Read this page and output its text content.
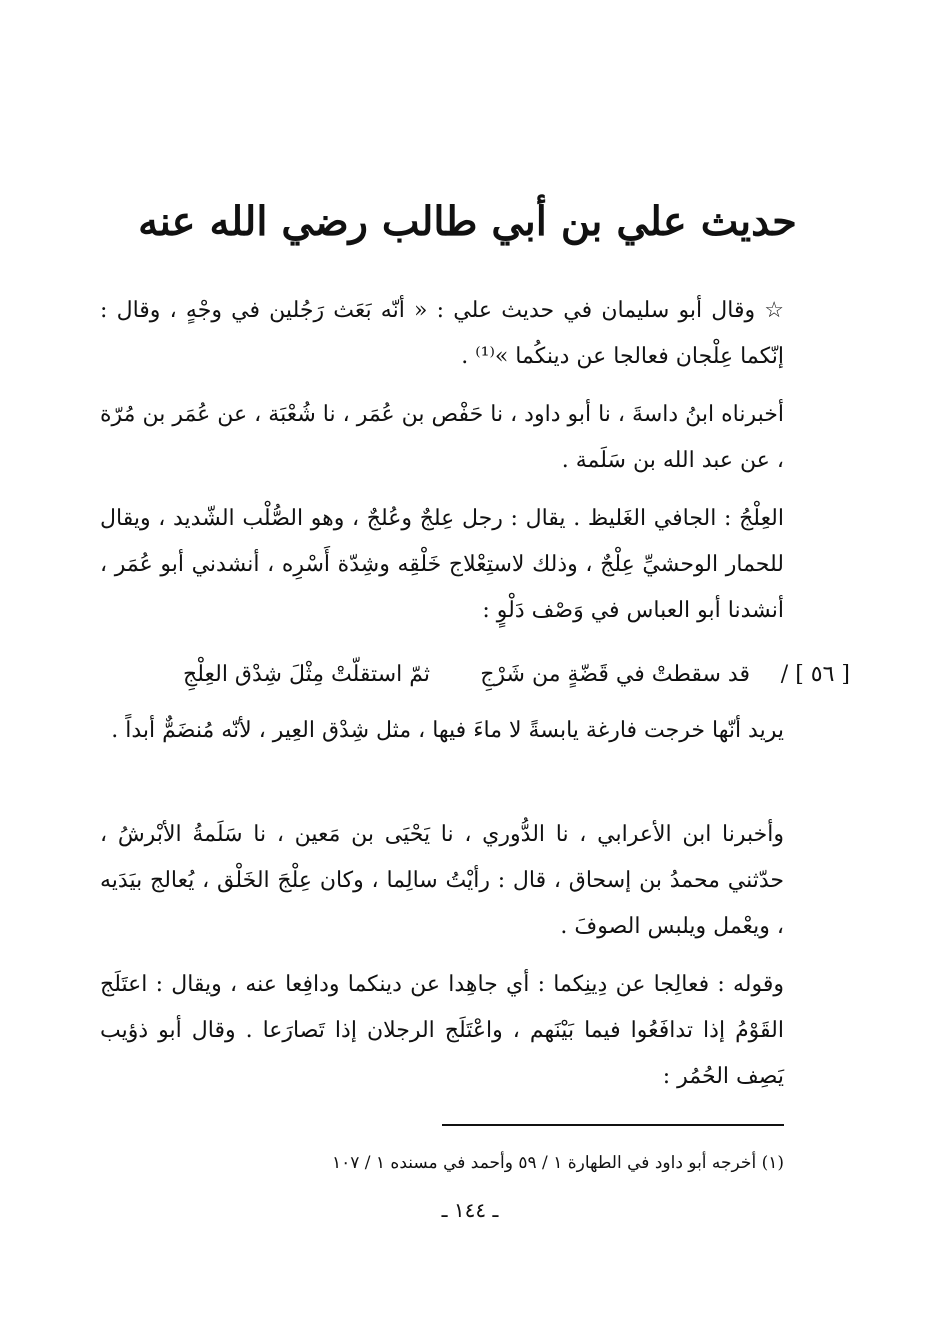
حديث علي بن أبي طالب رضي الله عنه

☆ وقال أبو سليمان في حديث علي : « أنّه بَعَث رَجُلين في وجْهٍ ، وقال : إنّكما عِلْجان فعالجا عن دينكُما »⁽¹⁾ .

أخبرناه ابنُ داسةَ ، نا أبو داود ، نا حَفْص بن عُمَر ، نا شُعْبَة ، عن عُمَر بن مُرّة ، عن عبد الله بن سَلَمة .

العِلْجُ : الجافي الغَليظ . يقال : رجل عِلجٌ وعُلجٌ ، وهو الصُّلْب الشّديد ، ويقال للحمار الوحشيِّ عِلْجٌ ، وذلك لاستِعْلاج خَلْقِه وشِدّة أَسْرِه ، أنشدني أبو عُمَر ، أنشدنا أبو العباس في وَصْف دَلْوٍ :

[ ٥٦ ] /
قد سقطتْ في قَضّةٍ من شَرْجِ
ثمّ استقلّتْ مِثْلَ شِدْق العِلْجِ

يريد أنّها خرجت فارغة يابسةً لا ماءَ فيها ، مثل شِدْق العِير ، لأنّه مُنضَمٌّ أبداً .

وأخبرنا ابن الأعرابي ، نا الدُّوري ، نا يَحْيَى بن مَعين ، نا سَلَمةُ الأبْرشُ ، حدّثني محمدُ بن إسحاق ، قال : رأيْتُ سالِما ، وكان عِلْجَ الخَلْق ، يُعالج بيَدَيه ، ويعْمل ويلبس الصوفَ .

وقوله : فعالِجا عن دِينِكما : أي جاهِدا عن دينكما ودافِعا عنه ، ويقال : اعتَلَج القَوْمُ إذا تدافَعُوا فيما بَيْنَهم ، واعْتَلَج الرجلان إذا تَصارَعا . وقال أبو ذؤيب يَصِف الحُمُر :

(١) أخرجه أبو داود في الطهارة ١ / ٥٩ وأحمد في مسنده ١ / ١٠٧

ـ ١٤٤ ـ
